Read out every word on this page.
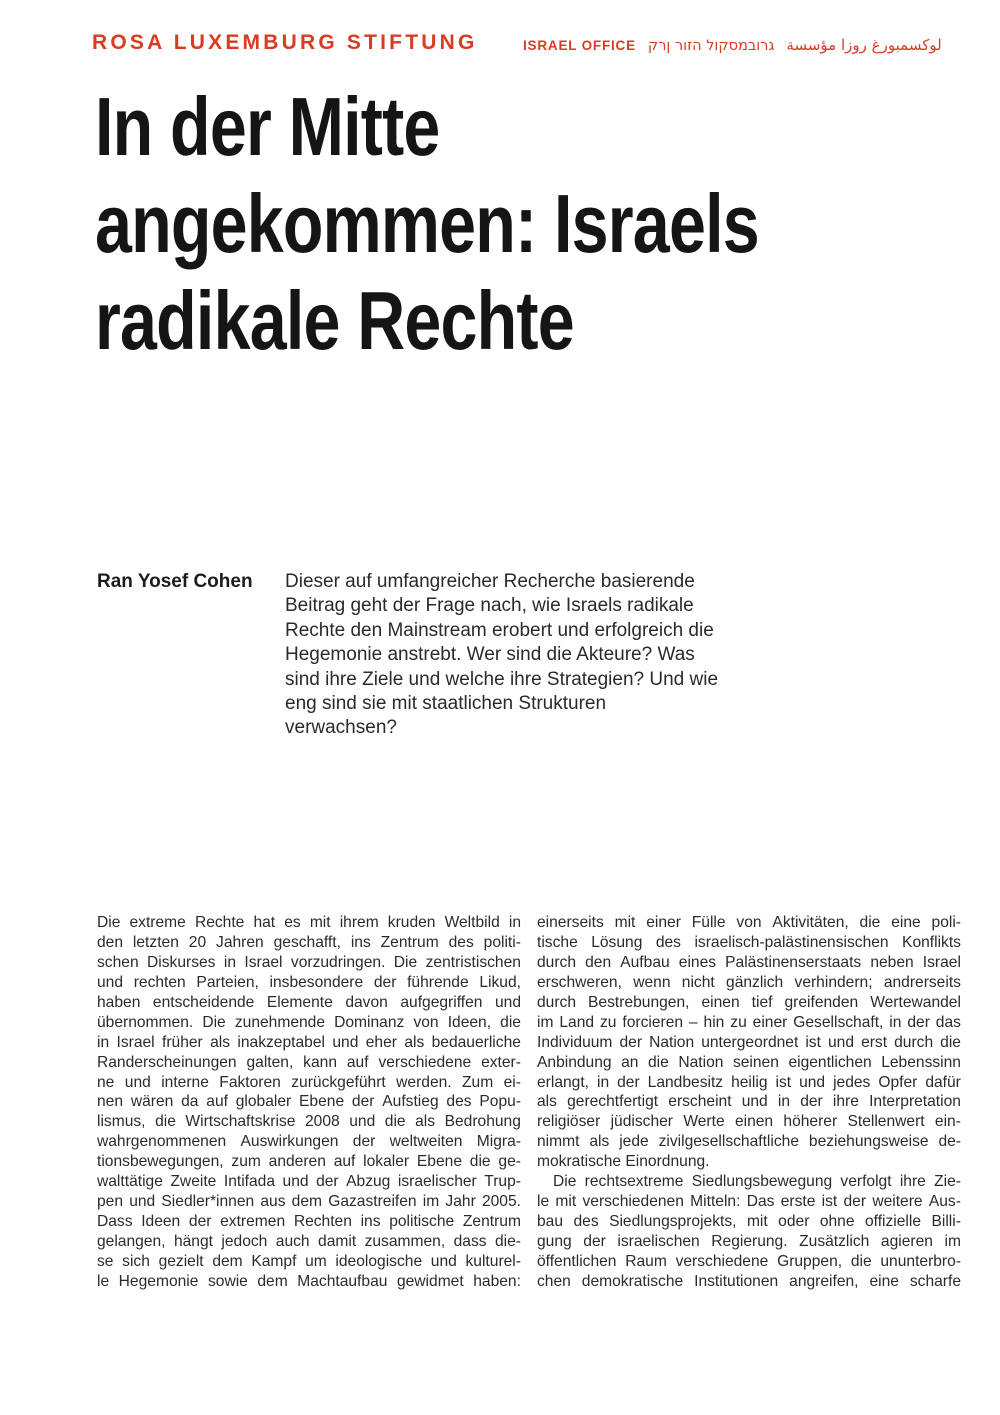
ROSA LUXEMBURG STIFTUNG	ISRAEL OFFICE קרן רוזה לוקסמבורג مؤسسة ‎روزا ‎لوكسمبورغ
In der Mitte
angekommen: Israels
radikale Rechte
Ran Yosef Cohen Dieser auf umfangreicher Recherche basierende
Beitrag geht der Frage nach, wie Israels radikale
Rechte den Mainstream erobert und erfolgreich die
Hegemonie anstrebt. Wer sind die Akteure? Was
sind ihre Ziele und welche ihre Strategien? Und wie
eng sind sie mit staatlichen Strukturen
verwachsen?
Die extreme Rechte hat es mit ihrem kruden Weltbild in
den letzten 20 Jahren geschafft, ins Zentrum des politi-
schen Diskurses in Israel vorzudringen. Die zentristischen
und rechten Parteien, insbesondere der führende Likud,
haben entscheidende Elemente davon aufgegriffen und
übernommen. Die zunehmende Dominanz von Ideen, die
in Israel früher als inakzeptabel und eher als bedauerliche
Randerscheinungen galten, kann auf verschiedene exter-
ne und interne Faktoren zurückgeführt werden. Zum ei-
nen wären da auf globaler Ebene der Aufstieg des Popu-
lismus, die Wirtschaftskrise 2008 und die als Bedrohung
wahrgenommenen Auswirkungen der weltweiten Migra-
tionsbewegungen, zum anderen auf lokaler Ebene die ge-
walttätige Zweite Intifada und der Abzug israelischer Trup-
pen und Siedler*innen aus dem Gazastreifen im Jahr 2005.
Dass Ideen der extremen Rechten ins politische Zentrum
gelangen, hängt jedoch auch damit zusammen, dass die-
se sich gezielt dem Kampf um ideologische und kulturel-
le Hegemonie sowie dem Machtaufbau gewidmet haben:
einerseits mit einer Fülle von Aktivitäten, die eine poli-
tische Lösung des israelisch-palästinensischen Konflikts
durch den Aufbau eines Palästinenserstaats neben Israel
erschweren, wenn nicht gänzlich verhindern; andrerseits
durch Bestrebungen, einen tief greifenden Wertewandel
im Land zu forcieren – hin zu einer Gesellschaft, in der das
Individuum der Nation untergeordnet ist und erst durch die
Anbindung an die Nation seinen eigentlichen Lebenssinn
erlangt, in der Landbesitz heilig ist und jedes Opfer dafür
als gerechtfertigt erscheint und in der ihre Interpretation
religiöser jüdischer Werte einen höherer Stellenwert ein-
nimmt als jede zivilgesellschaftliche beziehungsweise de-
mokratische Einordnung.
Die rechtsextreme Siedlungsbewegung verfolgt ihre Zie-
le mit verschiedenen Mitteln: Das erste ist der weitere Aus-
bau des Siedlungsprojekts, mit oder ohne offizielle Billi-
gung der israelischen Regierung. Zusätzlich agieren im
öffentlichen Raum verschiedene Gruppen, die ununterbro-
chen demokratische Institutionen angreifen, eine scharfe
